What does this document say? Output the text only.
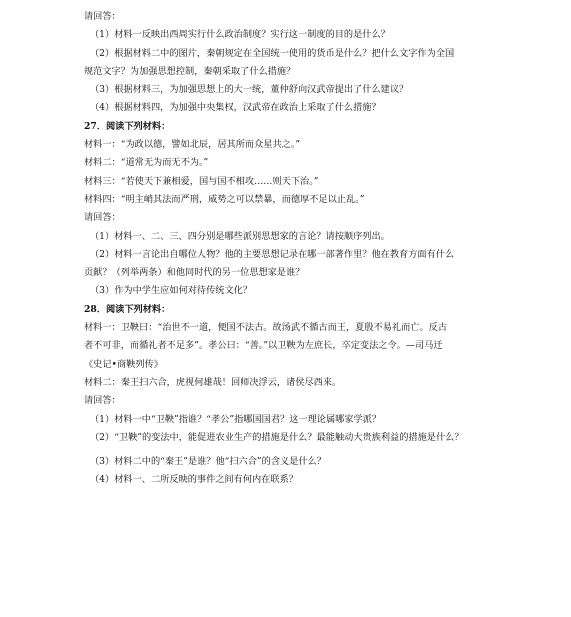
请回答：
（1）材料一反映出西周实行什么政治制度？实行这一制度的目的是什么？
（2）根据材料二中的图片，秦朝规定在全国统一使用的货币是什么？把什么文字作为全国
规范文字？为加强思想控制，秦朝采取了什么措施？
（3）根据材料三，为加强思想上的大一统，董仲舒向汉武帝提出了什么建议？
（4）根据材料四，为加强中央集权，汉武帝在政治上采取了什么措施？
27．阅读下列材料：
材料一：“为政以德，譬如北辰，居其所而众星共之。”
材料二：“道常无为而无不为。”
材料三：“若使天下兼相爱，国与国不相攻……则天下治。”
材料四：“明主峭其法而严刑，威势之可以禁暴，而德厚不足以止乱。”
请回答：
（1）材料一、二、三、四分别是哪些派别思想家的言论？请按顺序列出。
（2）材料一言论出自哪位人物？他的主要思想记录在哪一部著作里？他在教育方面有什么
贡献？（列举两条）和他同时代的另一位思想家是谁？
（3）作为中学生应如何对待传统文化？
28．阅读下列材料：
材料一：卫鞅曰：“治世不一道，便国不法古。故汤武不循古而王，夏殷不易礼而亡。反古
者不可非，而循礼者不足多”。孝公曰：“善。”以卫鞅为左庶长，卒定变法之令。—司马迁
《史记•商鞅列传》
材料二：秦王扫六合，虎视何雄哉！回师决浮云，诸侯尽西来。
请回答：
（1）材料一中“卫鞅”指谁？“孝公”指哪国国君？这一理论属哪家学派？
（2）“卫鞅”的变法中，能促进农业生产的措施是什么？最能触动大贵族利益的措施是什么？
（3）材料二中的“秦王”是谁？他“扫六合”的含义是什么？
（4）材料一、二所反映的事件之间有何内在联系？
